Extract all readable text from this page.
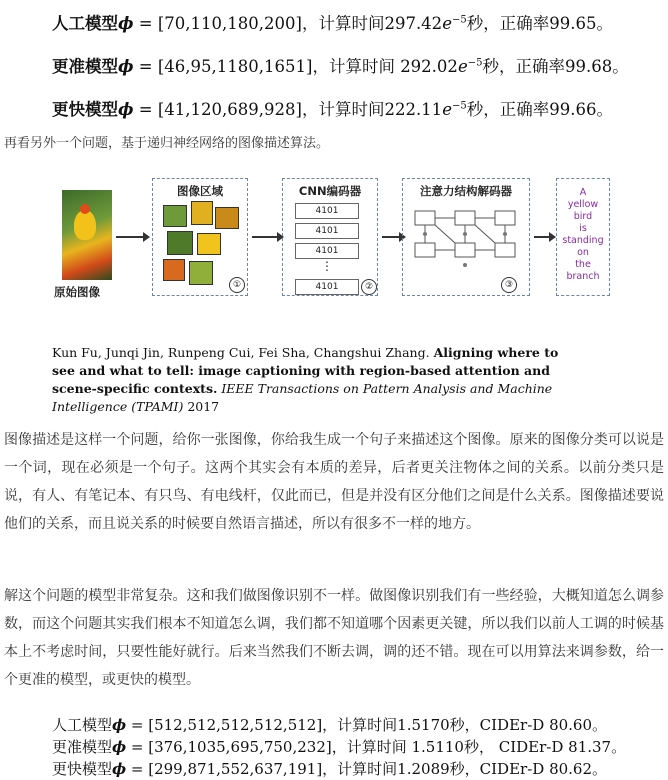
人工模型ϕ = [70,110,180,200]，计算时间$297.42e^{-5}$秒，正确率99.65。
更准模型ϕ = [46,95,1180,1651]，计算时间 $292.02e^{-5}$秒，正确率99.68。
更快模型ϕ = [41,120,689,928]，计算时间$222.11e^{-5}$秒，正确率99.66。
再看另外一个问题，基于递归神经网络的图像描述算法。
原始图像
图像区域
①
CNN编码器
4101
4101
4101
⋮
4101	②
注意力结构解码器
③
A
yellow
bird
is
standing
on
the
branch
Kun Fu, Junqi Jin, Runpeng Cui, Fei Sha, Changshui Zhang. Aligning where to see and what to tell: image captioning with region-based attention and scene-specific contexts. IEEE Transactions on Pattern Analysis and Machine Intelligence (TPAMI) 2017
图像描述是这样一个问题，给你一张图像，你给我生成一个句子来描述这个图像。原来的图像分类可以说是一个词，现在必须是一个句子。这两个其实会有本质的差异，后者更关注物体之间的关系。以前分类只是说，有人、有笔记本、有只鸟、有电线杆，仅此而已，但是并没有区分他们之间是什么关系。图像描述要说他们的关系，而且说关系的时候要自然语言描述，所以有很多不一样的地方。
解这个问题的模型非常复杂。这和我们做图像识别不一样。做图像识别我们有一些经验，大概知道怎么调参数，而这个问题其实我们根本不知道怎么调，我们都不知道哪个因素更关键，所以我们以前人工调的时候基本上不考虑时间，只要性能好就行。后来当然我们不断去调，调的还不错。现在可以用算法来调参数，给一个更准的模型，或更快的模型。
人工模型ϕ = [512,512,512,512,512]，计算时间1.5170秒，CIDEr-D 80.60。
更准模型ϕ = [376,1035,695,750,232]，计算时间 1.5110秒， CIDEr-D 81.37。
更快模型ϕ = [299,871,552,637,191]，计算时间1.2089秒，CIDEr-D 80.62。
